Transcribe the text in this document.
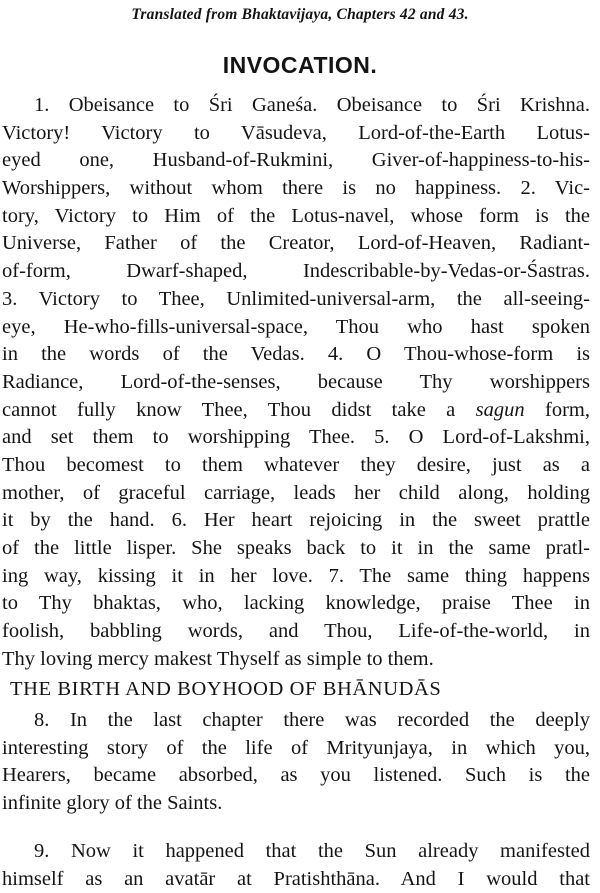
Translated from Bhaktavijaya, Chapters 42 and 43.
INVOCATION.
1. Obeisance to Śri Ganeśa. Obeisance to Śri Krishna.
Victory! Victory to Vāsudeva, Lord-of-the-Earth Lotus-
eyed one, Husband-of-Rukmini, Giver-of-happiness-to-his-
Worshippers, without whom there is no happiness. 2. Vic-
tory, Victory to Him of the Lotus-navel, whose form is the
Universe, Father of the Creator, Lord-of-Heaven, Radiant-
of-form, Dwarf-shaped, Indescribable-by-Vedas-or-Śastras.
3. Victory to Thee, Unlimited-universal-arm, the all-seeing-
eye, He-who-fills-universal-space, Thou who hast spoken
in the words of the Vedas. 4. O Thou-whose-form is
Radiance, Lord-of-the-senses, because Thy worshippers
cannot fully know Thee, Thou didst take a sagun form,
and set them to worshipping Thee. 5. O Lord-of-Lakshmi,
Thou becomest to them whatever they desire, just as a
mother, of graceful carriage, leads her child along, holding
it by the hand. 6. Her heart rejoicing in the sweet prattle
of the little lisper. She speaks back to it in the same pratl-
ing way, kissing it in her love. 7. The same thing happens
to Thy bhaktas, who, lacking knowledge, praise Thee in
foolish, babbling words, and Thou, Life-of-the-world, in
Thy loving mercy makest Thyself as simple to them.
THE BIRTH AND BOYHOOD OF BHĀNUDĀS
8. In the last chapter there was recorded the deeply
interesting story of the life of Mrityunjaya, in which you,
Hearers, became absorbed, as you listened. Such is the
infinite glory of the Saints.
9. Now it happened that the Sun already manifested
himself as an avatār at Pratishthāna. And I would that
